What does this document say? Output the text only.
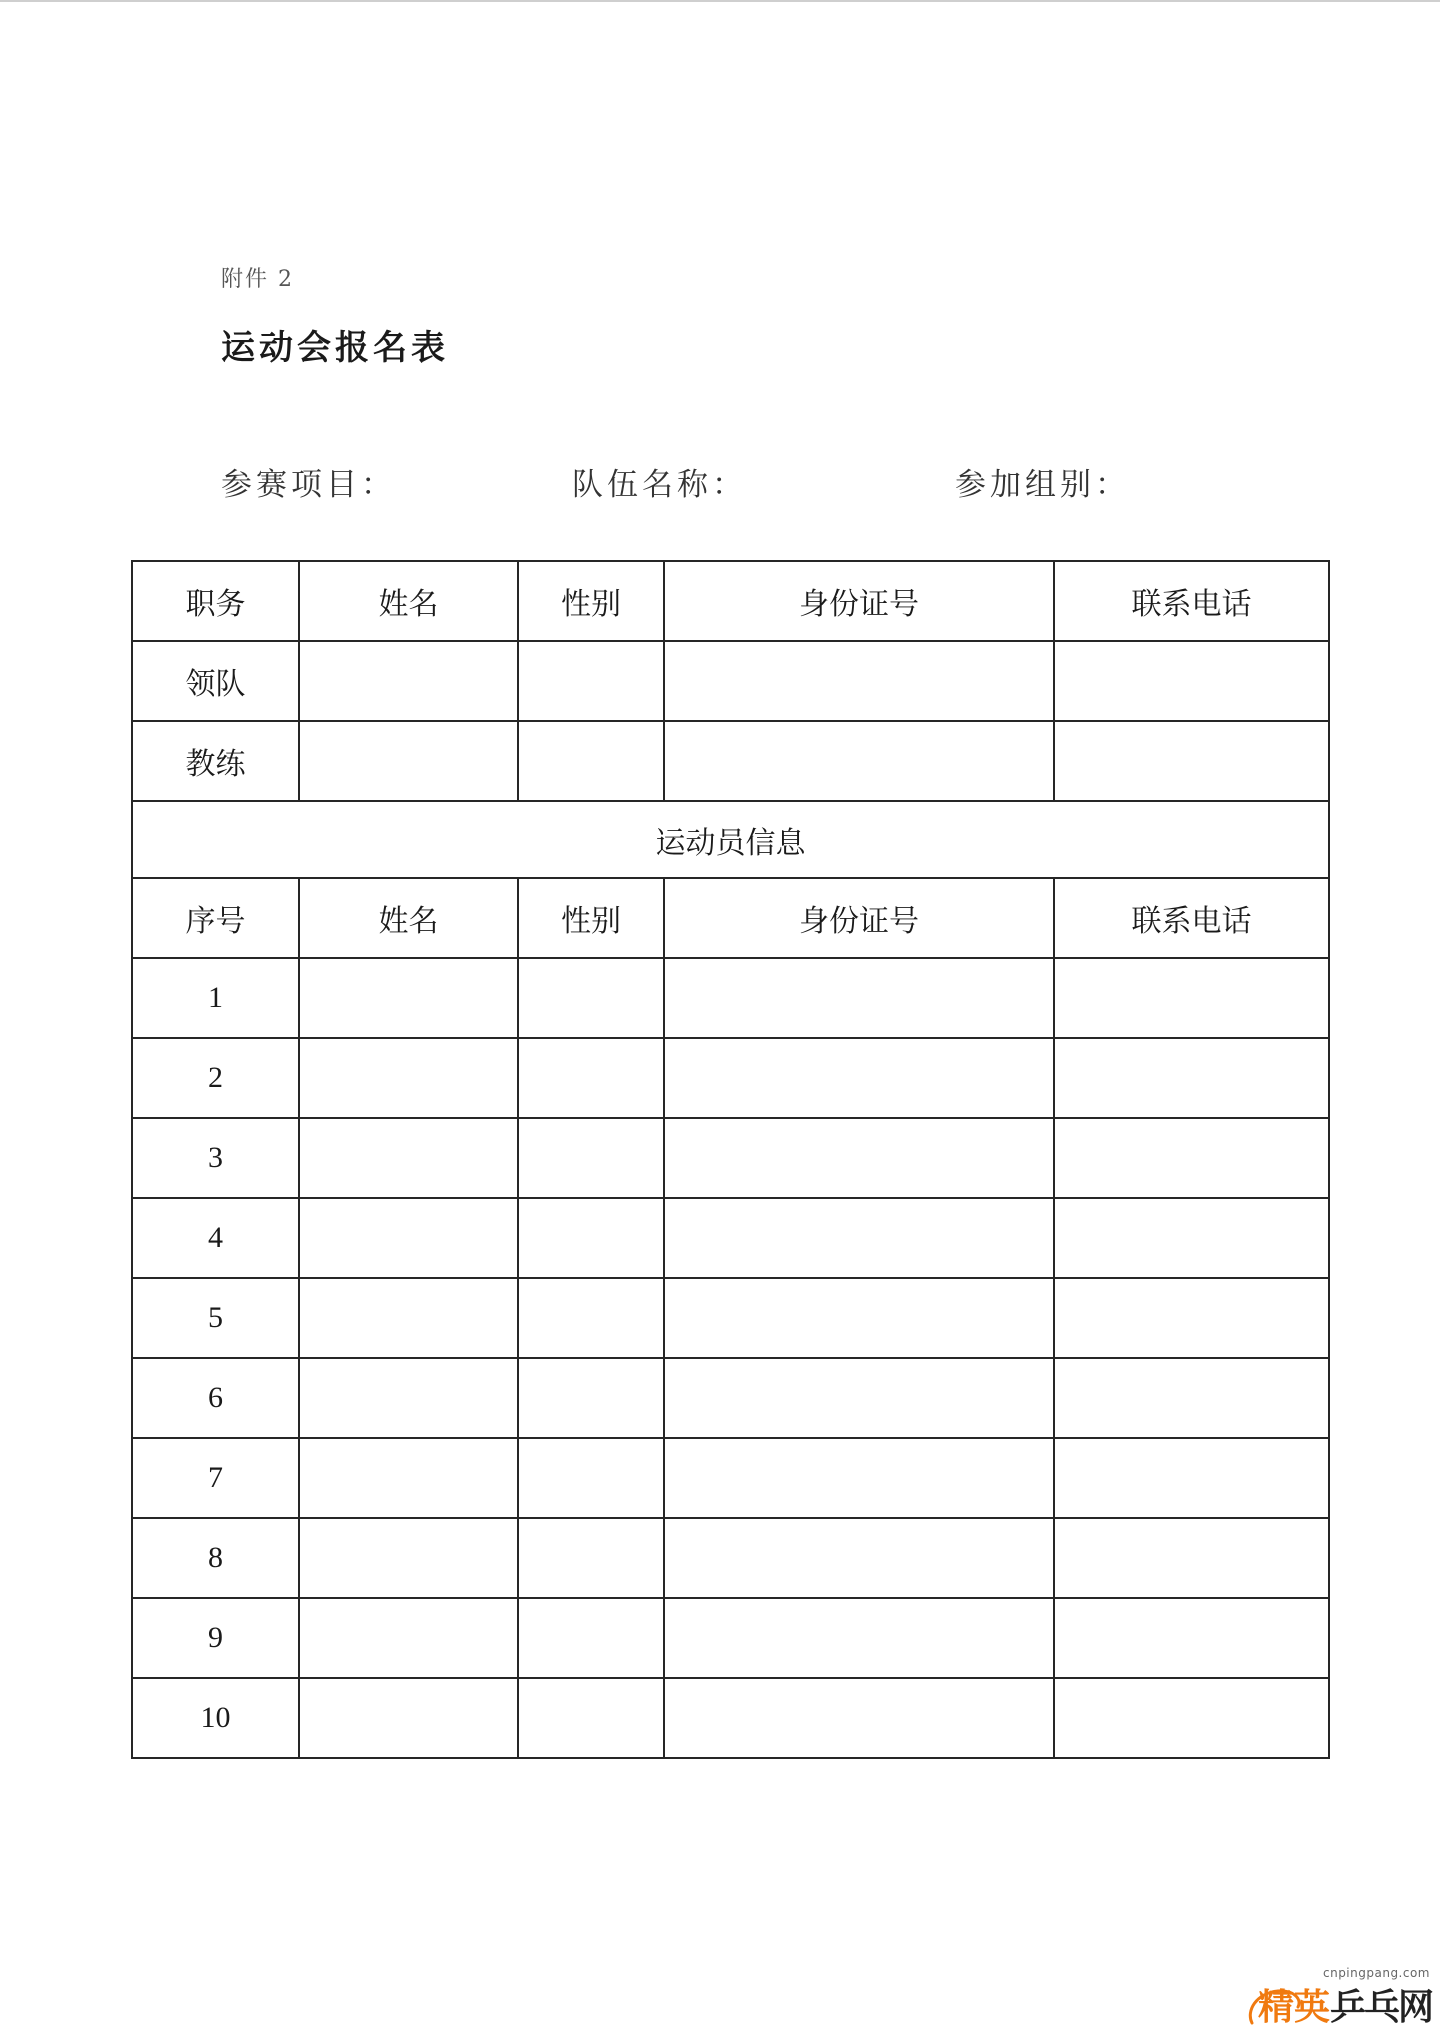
附件 2
运动会报名表
参赛项目：	队伍名称：	参加组别：
职务	姓名	性别	身份证号	联系电话
领队				
教练				
运动员信息				
序号	姓名	性别	身份证号	联系电话
1				
2				
3				
4				
5				
6				
7				
8				
9				
10				
cnpingpang.com
精英 乒乓网
